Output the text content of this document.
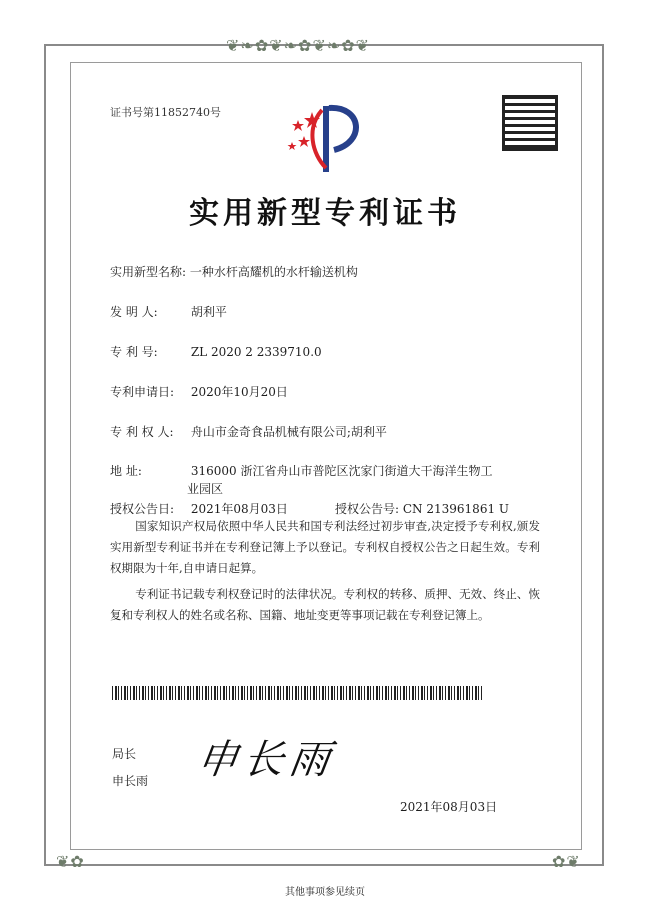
❦❧✿❦❧✿❦❧✿❦
❦✿	✿❦
证书号第11852740号
实用新型专利证书
实用新型名称: 一种水杆高耀机的水杆输送机构
发 明 人:	胡利平
专 利 号:	ZL 2020 2 2339710.0
专利申请日: 2020年10月20日
专 利 权 人: 舟山市金奇食品机械有限公司;胡利平
地 址:	316000 浙江省舟山市普陀区沈家门街道大干海洋生物工
业园区
授权公告日: 2021年08月03日	授权公告号: CN 213961861 U
国家知识产权局依照中华人民共和国专利法经过初步审查,决定授予专利权,颁发实用新型专利证书并在专利登记簿上予以登记。专利权自授权公告之日起生效。专利权期限为十年,自申请日起算。
专利证书记载专利权登记时的法律状况。专利权的转移、质押、无效、终止、恢复和专利权人的姓名或名称、国籍、地址变更等事项记载在专利登记簿上。
局长
申长雨 申长雨
2021年08月03日
其他事项参见续页
